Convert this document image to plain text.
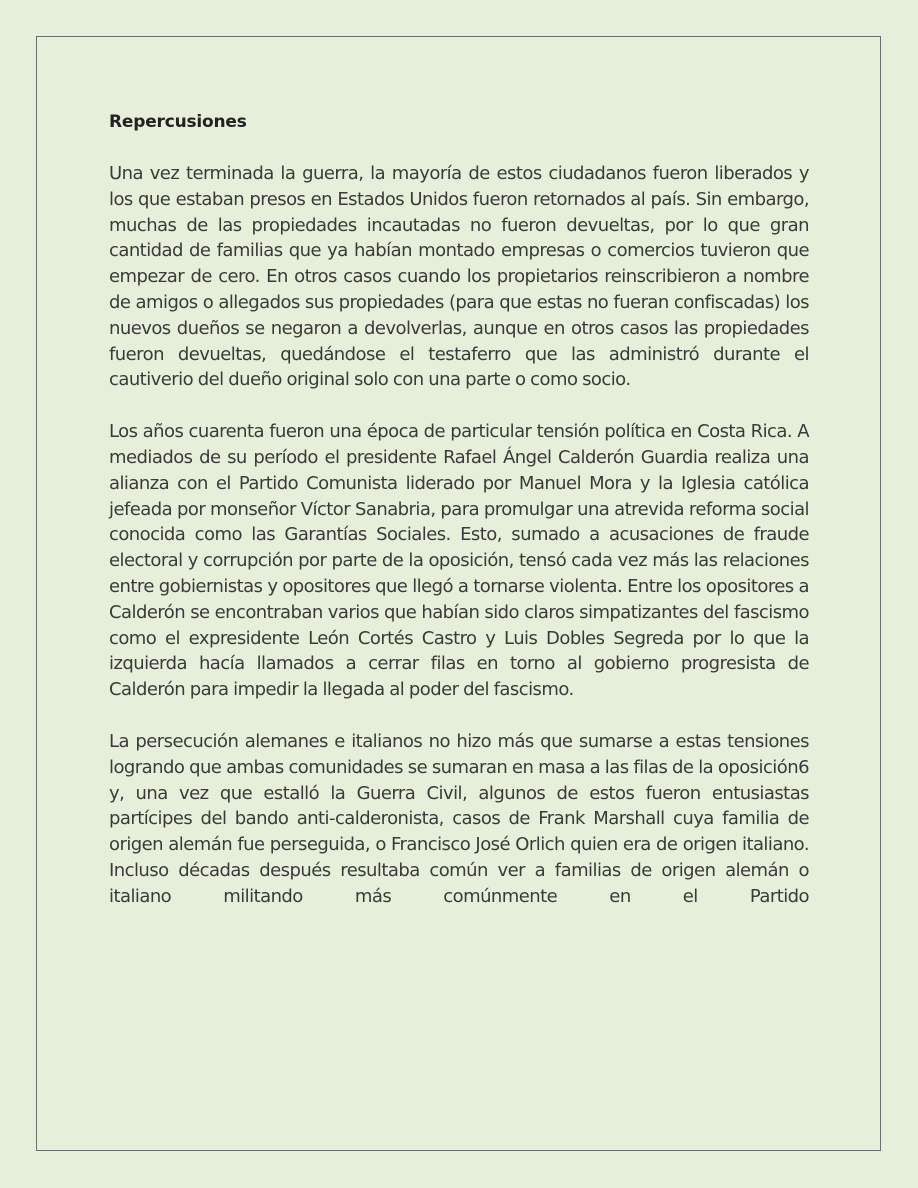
Repercusiones

Una vez terminada la guerra, la mayoría de estos ciudadanos fueron liberados y los que estaban presos en Estados Unidos fueron retornados al país. Sin embargo, muchas de las propiedades incautadas no fueron devueltas, por lo que gran cantidad de familias que ya habían montado empresas o comercios tuvieron que empezar de cero. En otros casos cuando los propietarios reinscribieron a nombre de amigos o allegados sus propiedades (para que estas no fueran confiscadas) los nuevos dueños se negaron a devolverlas, aunque en otros casos las propiedades fueron devueltas, quedándose el testaferro que las administró durante el cautiverio del dueño original solo con una parte o como socio.

Los años cuarenta fueron una época de particular tensión política en Costa Rica. A mediados de su período el presidente Rafael Ángel Calderón Guardia realiza una alianza con el Partido Comunista liderado por Manuel Mora y la Iglesia católica jefeada por monseñor Víctor Sanabria, para promulgar una atrevida reforma social conocida como las Garantías Sociales. Esto, sumado a acusaciones de fraude electoral y corrupción por parte de la oposición, tensó cada vez más las relaciones entre gobiernistas y opositores que llegó a tornarse violenta. Entre los opositores a Calderón se encontraban varios que habían sido claros simpatizantes del fascismo como el expresidente León Cortés Castro y Luis Dobles Segreda por lo que la izquierda hacía llamados a cerrar filas en torno al gobierno progresista de Calderón para impedir la llegada al poder del fascismo.

La persecución alemanes e italianos no hizo más que sumarse a estas tensiones logrando que ambas comunidades se sumaran en masa a las filas de la oposición6 y, una vez que estalló la Guerra Civil, algunos de estos fueron entusiastas partícipes del bando anti-calderonista, casos de Frank Marshall cuya familia de origen alemán fue perseguida, o Francisco José Orlich quien era de origen italiano. Incluso décadas después resultaba común ver a familias de origen alemán o italiano militando más comúnmente en el Partido
